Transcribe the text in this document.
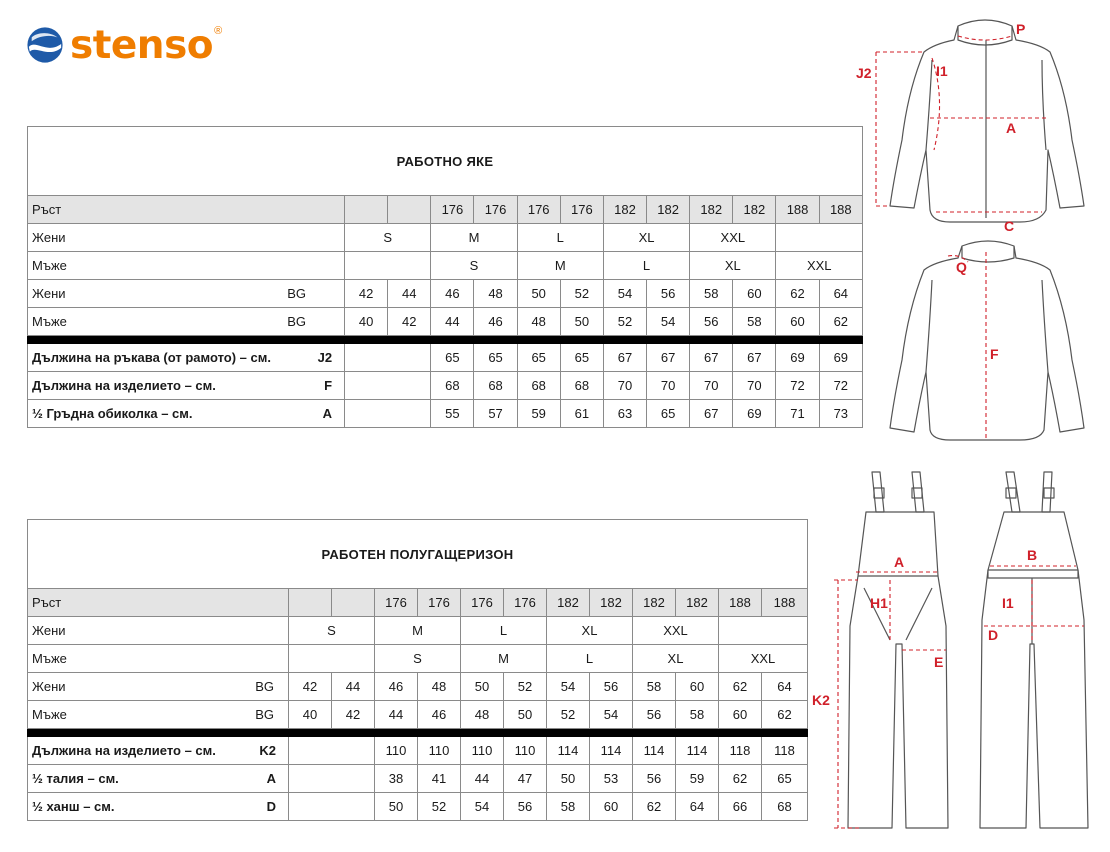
stenso ®
РАБОТНО ЯКЕ												
Ръст			176	176	176	176	182	182	182	182	188	188
Жени	S		M		L		XL		XXL			
Мъже			S		M		L		XL		XXL	
Жени BG	42	44	46	48	50	52	54	56	58	60	62	64
Мъже BG	40	42	44	46	48	50	52	54	56	58	60	62

Дължина на ръкава (от рамото) – см. J2			65	65	65	65	67	67	67	67	69	69
Дължина на изделието – см. F			68	68	68	68	70	70	70	70	72	72
½ Гръдна обиколка – см. A			55	57	59	61	63	65	67	69	71	73
РАБОТЕН ПОЛУГАЩЕРИЗОН												
Ръст			176	176	176	176	182	182	182	182	188	188
Жени	S		M		L		XL		XXL			
Мъже			S		M		L		XL		XXL	
Жени BG	42	44	46	48	50	52	54	56	58	60	62	64
Мъже BG	40	42	44	46	48	50	52	54	56	58	60	62

Дължина на изделието – см. K2			110	110	110	110	114	114	114	114	118	118
½ талия – см. A			38	41	44	47	50	53	56	59	62	65
½ ханш – см. D			50	52	54	56	58	60	62	64	66	68
J2	I1
P
A
C
Q
F
A
H1
E
K2
B
I1
D
